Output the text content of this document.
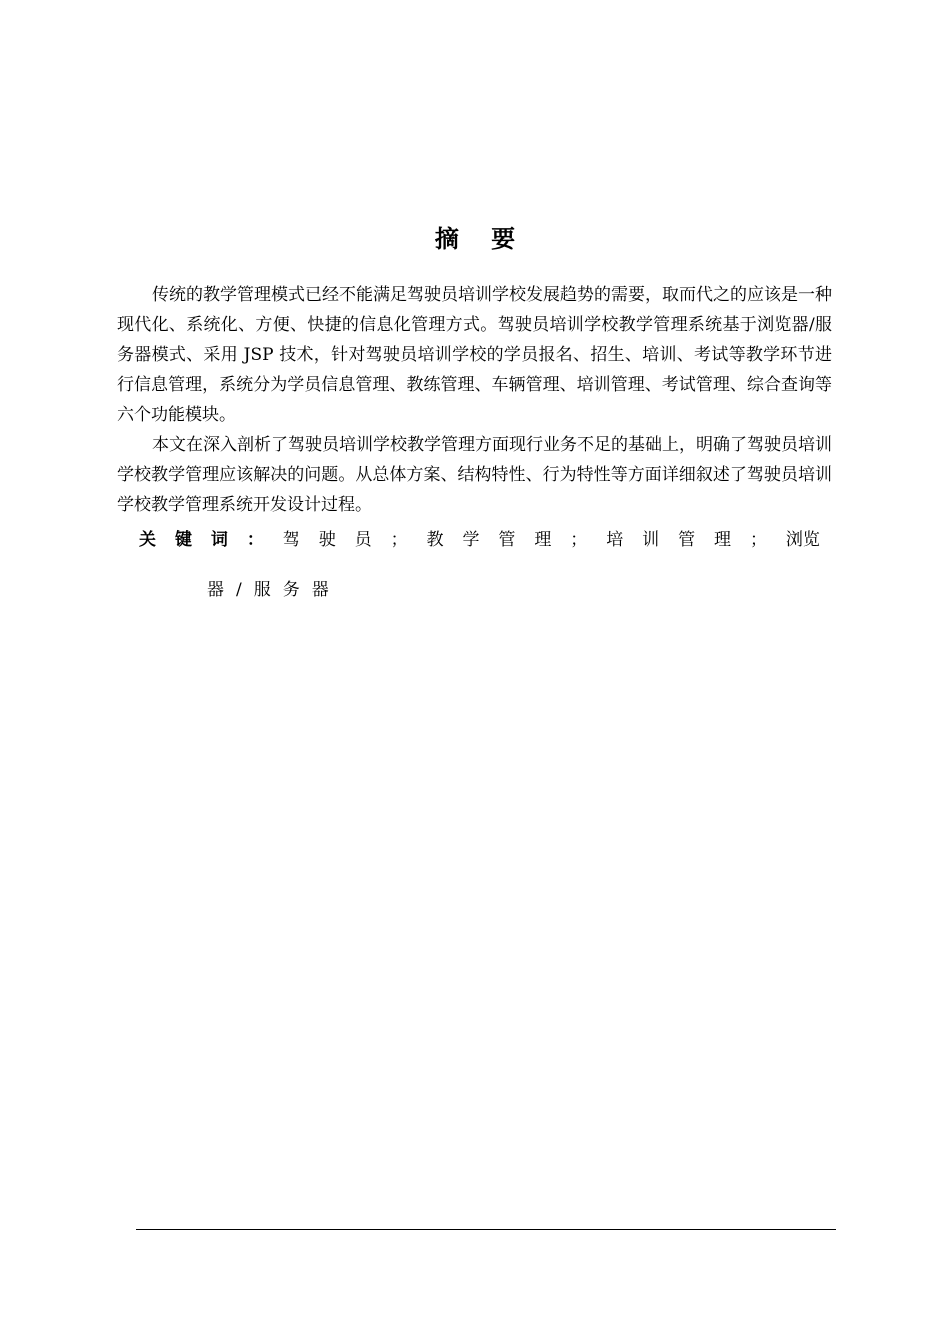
摘 要

传统的教学管理模式已经不能满足驾驶员培训学校发展趋势的需要，取而代之的应该是一种现代化、系统化、方便、快捷的信息化管理方式。驾驶员培训学校教学管理系统基于浏览器/服务器模式、采用 JSP 技术，针对驾驶员培训学校的学员报名、招生、培训、考试等教学环节进行信息管理，系统分为学员信息管理、教练管理、车辆管理、培训管理、考试管理、综合查询等六个功能模块。

本文在深入剖析了驾驶员培训学校教学管理方面现行业务不足的基础上，明确了驾驶员培训学校教学管理应该解决的问题。从总体方案、结构特性、行为特性等方面详细叙述了驾驶员培训学校教学管理系统开发设计过程。

关 键 词 ： 驾 驶 员 ； 教 学 管 理 ； 培 训 管 理 ； 浏览
器/服务器
